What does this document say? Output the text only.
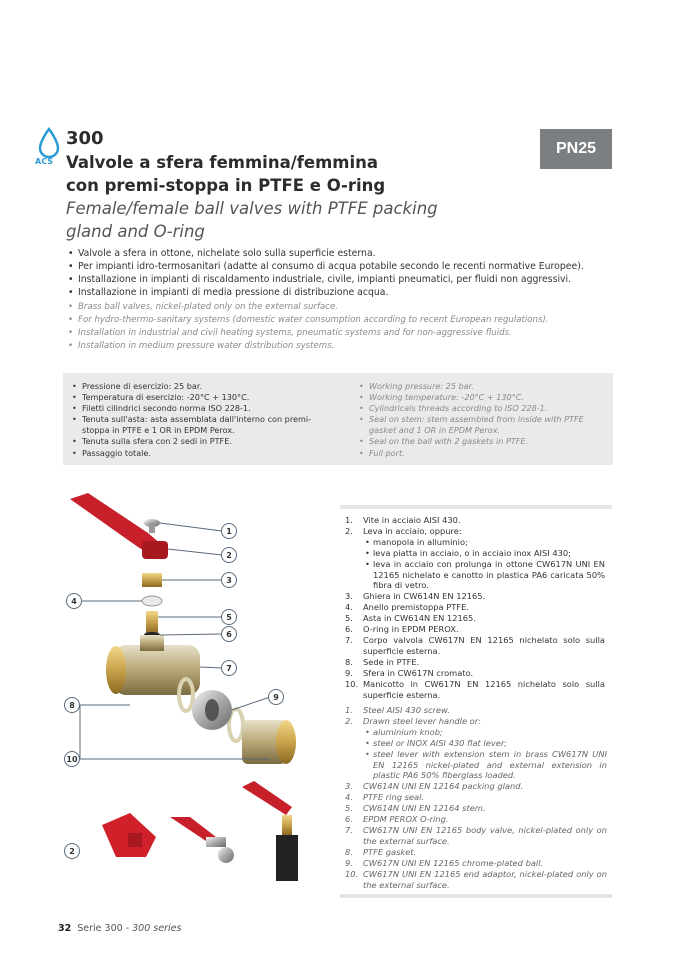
ACS
300
Valvole a sfera femmina/femmina
con premi-stoppa in PTFE e O-ring
Female/female ball valves with PTFE packing
gland and O-ring
PN25
• Valvole a sfera in ottone, nichelate solo sulla superficie esterna.
• Per impianti idro-termosanitari (adatte al consumo di acqua potabile secondo le recenti normative Europee).
• Installazione in impianti di riscaldamento industriale, civile, impianti pneumatici, per fluidi non aggressivi.
• Installazione in impianti di media pressione di distribuzione acqua.
• Brass ball valves, nickel-plated only on the external surface.
• For hydro-thermo-sanitary systems (domestic water consumption according to recent European regulations).
• Installation in industrial and civil heating systems, pneumatic systems and for non-aggressive fluids.
• Installation in medium pressure water distribution systems.
• Pressione di esercizio: 25 bar.
• Temperatura di esercizio: -20°C + 130°C.
• Filetti cilindrici secondo norma ISO 228-1.
• Tenuta sull'asta: asta assemblata dall'interno con premi-stoppa in PTFE e 1 OR in EPDM Perox.
• Tenuta sulla sfera con 2 sedi in PTFE.
• Passaggio totale.
• Working pressure: 25 bar.
• Working temperature: -20°C + 130°C.
• Cylindricals threads according to ISO 228-1.
• Seal on stem: stem assembled from inside with PTFE gasket and 1 OR in EPDM Perox.
• Seal on the ball with 2 gaskets in PTFE.
• Full port.
1
2
3
4
5
6
7
8
9
10
2
1. Vite in acciaio AISI 430.
2. Leva in acciaio, oppure:
• manopola in alluminio;
• leva piatta in acciaio, o in acciaio inox AISI 430;
• leva in acciaio con prolunga in ottone CW617N UNI EN 12165 nichelato e canotto in plastica PA6 caricata 50% fibra di vetro.
3. Ghiera in CW614N EN 12165.
4. Anello premistoppa PTFE.
5. Asta in CW614N EN 12165.
6. O-ring in EPDM PEROX.
7. Corpo valvola CW617N EN 12165 nichelato solo sulla superficie esterna.
8. Sede in PTFE.
9. Sfera in CW617N cromato.
10. Manicotto in CW617N EN 12165 nichelato solo sulla superficie esterna.
1. Steel AISI 430 screw.
2. Drawn steel lever handle or:
• aluminium knob;
• steel or INOX AISI 430 flat lever;
• steel lever with extension stem in brass CW617N UNI EN 12165 nickel-plated and external extension in plastic PA6 50% fiberglass loaded.
3. CW614N UNI EN 12164 packing gland.
4. PTFE ring seal.
5. CW614N UNI EN 12164 stem.
6. EPDM PEROX O-ring.
7. CW617N UNI EN 12165 body valve, nickel-plated only on the external surface.
8. PTFE gasket.
9. CW617N UNI EN 12165 chrome-plated ball.
10. CW617N UNI EN 12165 end adaptor, nickel-plated only on the external surface.
32 Serie 300 - 300 series
